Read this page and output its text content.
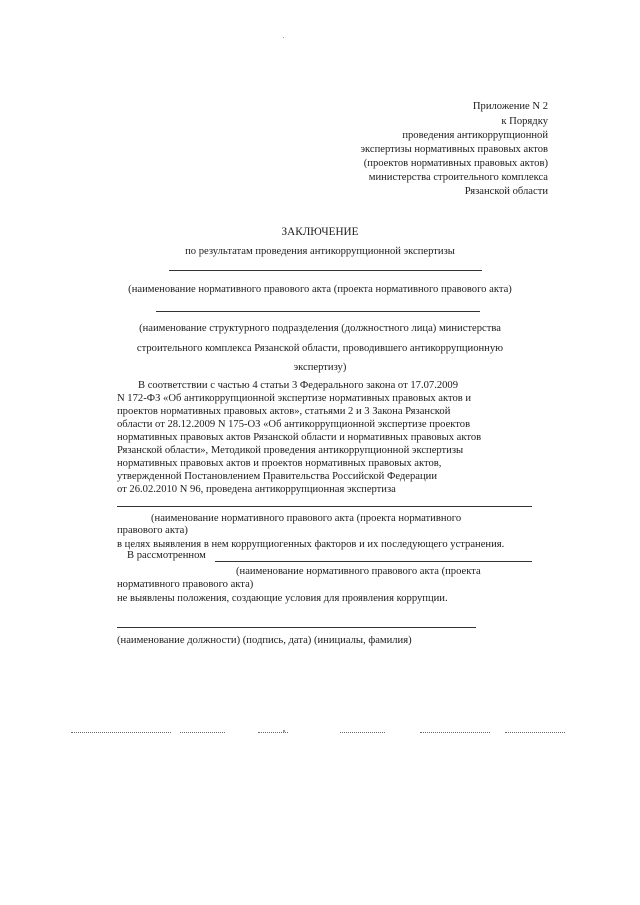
Приложение N 2
к Порядку
проведения антикоррупционной
экспертизы нормативных правовых актов
(проектов нормативных правовых актов)
министерства строительного комплекса
Рязанской области
ЗАКЛЮЧЕНИЕ
по результатам проведения антикоррупционной экспертизы
(наименование нормативного правового акта (проекта нормативного правового акта)
(наименование структурного подразделения (должностного лица) министерства
строительного комплекса Рязанской области, проводившего антикоррупционную
экспертизу)
В соответствии с частью 4 статьи 3 Федерального закона от 17.07.2009
N 172-ФЗ «Об антикоррупционной экспертизе нормативных правовых актов и
проектов нормативных правовых актов», статьями 2 и 3 Закона Рязанской
области от 28.12.2009 N 175-ОЗ «Об антикоррупционной экспертизе проектов
нормативных правовых актов Рязанской области и нормативных правовых актов
Рязанской области», Методикой проведения антикоррупционной экспертизы
нормативных правовых актов и проектов нормативных правовых актов,
утвержденной Постановлением Правительства Российской Федерации
от 26.02.2010 N 96, проведена антикоррупционная экспертиза
(наименование нормативного правового акта (проекта нормативного
правового акта)
в целях выявления в нем коррупциогенных факторов и их последующего устранения.
В рассмотренном
(наименование нормативного правового акта (проекта
нормативного правового акта)
не выявлены положения, создающие условия для проявления коррупции.
(наименование должности) (подпись, дата) (инициалы, фамилия)
